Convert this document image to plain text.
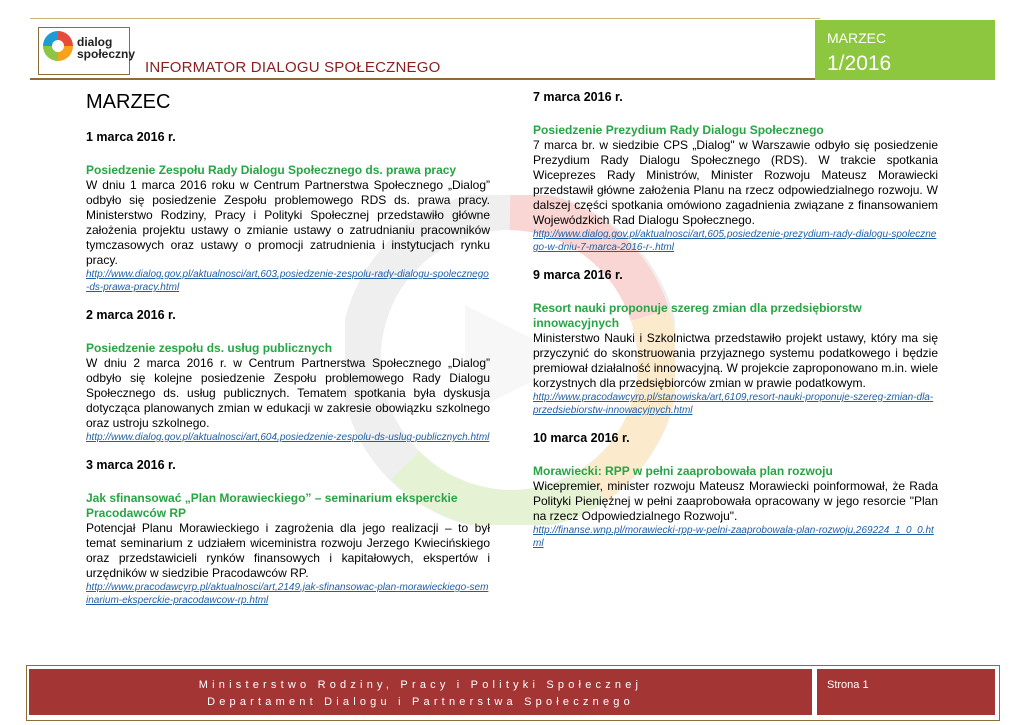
dialog
społeczny
INFORMATOR DIALOGU SPOŁECZNEGO
MARZEC
1/2016
MARZEC
1 marca 2016 r.
Posiedzenie Zespołu Rady Dialogu Społecznego ds. prawa pracy
W dniu 1 marca 2016 roku w Centrum Partnerstwa Społecznego „Dialog” odbyło się posiedzenie Zespołu problemowego RDS ds. prawa pracy. Ministerstwo Rodziny, Pracy i Polityki Społecznej przedstawiło główne założenia projektu ustawy o zmianie ustawy o zatrudnianiu pracowników tymczasowych oraz ustawy o promocji zatrudnienia i instytucjach rynku pracy.
http://www.dialog.gov.pl/aktualnosci/art,603,posiedzenie-zespolu-rady-dialogu-spolecznego-ds-prawa-pracy.html
2 marca 2016 r.
Posiedzenie zespołu ds. usług publicznych
W dniu 2 marca 2016 r. w Centrum Partnerstwa Społecznego „Dialog” odbyło się kolejne posiedzenie Zespołu problemowego Rady Dialogu Społecznego ds. usług publicznych. Tematem spotkania była dyskusja dotycząca planowanych zmian w edukacji w zakresie obowiązku szkolnego oraz ustroju szkolnego.
http://www.dialog.gov.pl/aktualnosci/art,604,posiedzenie-zespolu-ds-uslug-publicznych.html
3 marca 2016 r.
Jak sfinansować „Plan Morawieckiego” – seminarium eksperckie Pracodawców RP
Potencjał Planu Morawieckiego i zagrożenia dla jego realizacji – to był temat seminarium z udziałem wiceministra rozwoju Jerzego Kwiecińskiego oraz przedstawicieli rynków finansowych i kapitałowych, ekspertów i urzędników w siedzibie Pracodawców RP.
http://www.pracodawcyrp.pl/aktualnosci/art,2149,jak-sfinansowac-plan-morawieckiego-seminarium-eksperckie-pracodawcow-rp.html
7 marca 2016 r.
Posiedzenie Prezydium Rady Dialogu Społecznego
7 marca br. w siedzibie CPS „Dialog" w Warszawie odbyło się posiedzenie Prezydium Rady Dialogu Społecznego (RDS). W trakcie spotkania Wiceprezes Rady Ministrów, Minister Rozwoju Mateusz Morawiecki przedstawił główne założenia Planu na rzecz odpowiedzialnego rozwoju. W dalszej części spotkania omówiono zagadnienia związane z finansowaniem Wojewódzkich Rad Dialogu Społecznego.
http://www.dialog.gov.pl/aktualnosci/art,605,posiedzenie-prezydium-rady-dialogu-spolecznego-w-dniu-7-marca-2016-r-.html
9 marca 2016 r.
Resort nauki proponuje szereg zmian dla przedsiębiorstw innowacyjnych
Ministerstwo Nauki i Szkolnictwa przedstawiło projekt ustawy, który ma się przyczynić do skonstruowania przyjaznego systemu podatkowego i będzie premiował działalność innowacyjną. W projekcie zaproponowano m.in. wiele korzystnych dla przedsiębiorców zmian w prawie podatkowym.
http://www.pracodawcyrp.pl/stanowiska/art,6109,resort-nauki-proponuje-szereg-zmian-dla-przedsiebiorstw-innowacyjnych.html
10 marca 2016 r.
Morawiecki: RPP w pełni zaaprobowała plan rozwoju
Wicepremier, minister rozwoju Mateusz Morawiecki poinformował, że Rada Polityki Pieniężnej w pełni zaaprobowała opracowany w jego resorcie "Plan na rzecz Odpowiedzialnego Rozwoju".
http://finanse.wnp.pl/morawiecki-rpp-w-pelni-zaaprobowala-plan-rozwoju,269224_1_0_0.html
Ministerstwo Rodziny, Pracy i Polityki Społecznej
Departament Dialogu i Partnerstwa Społecznego
Strona 1
